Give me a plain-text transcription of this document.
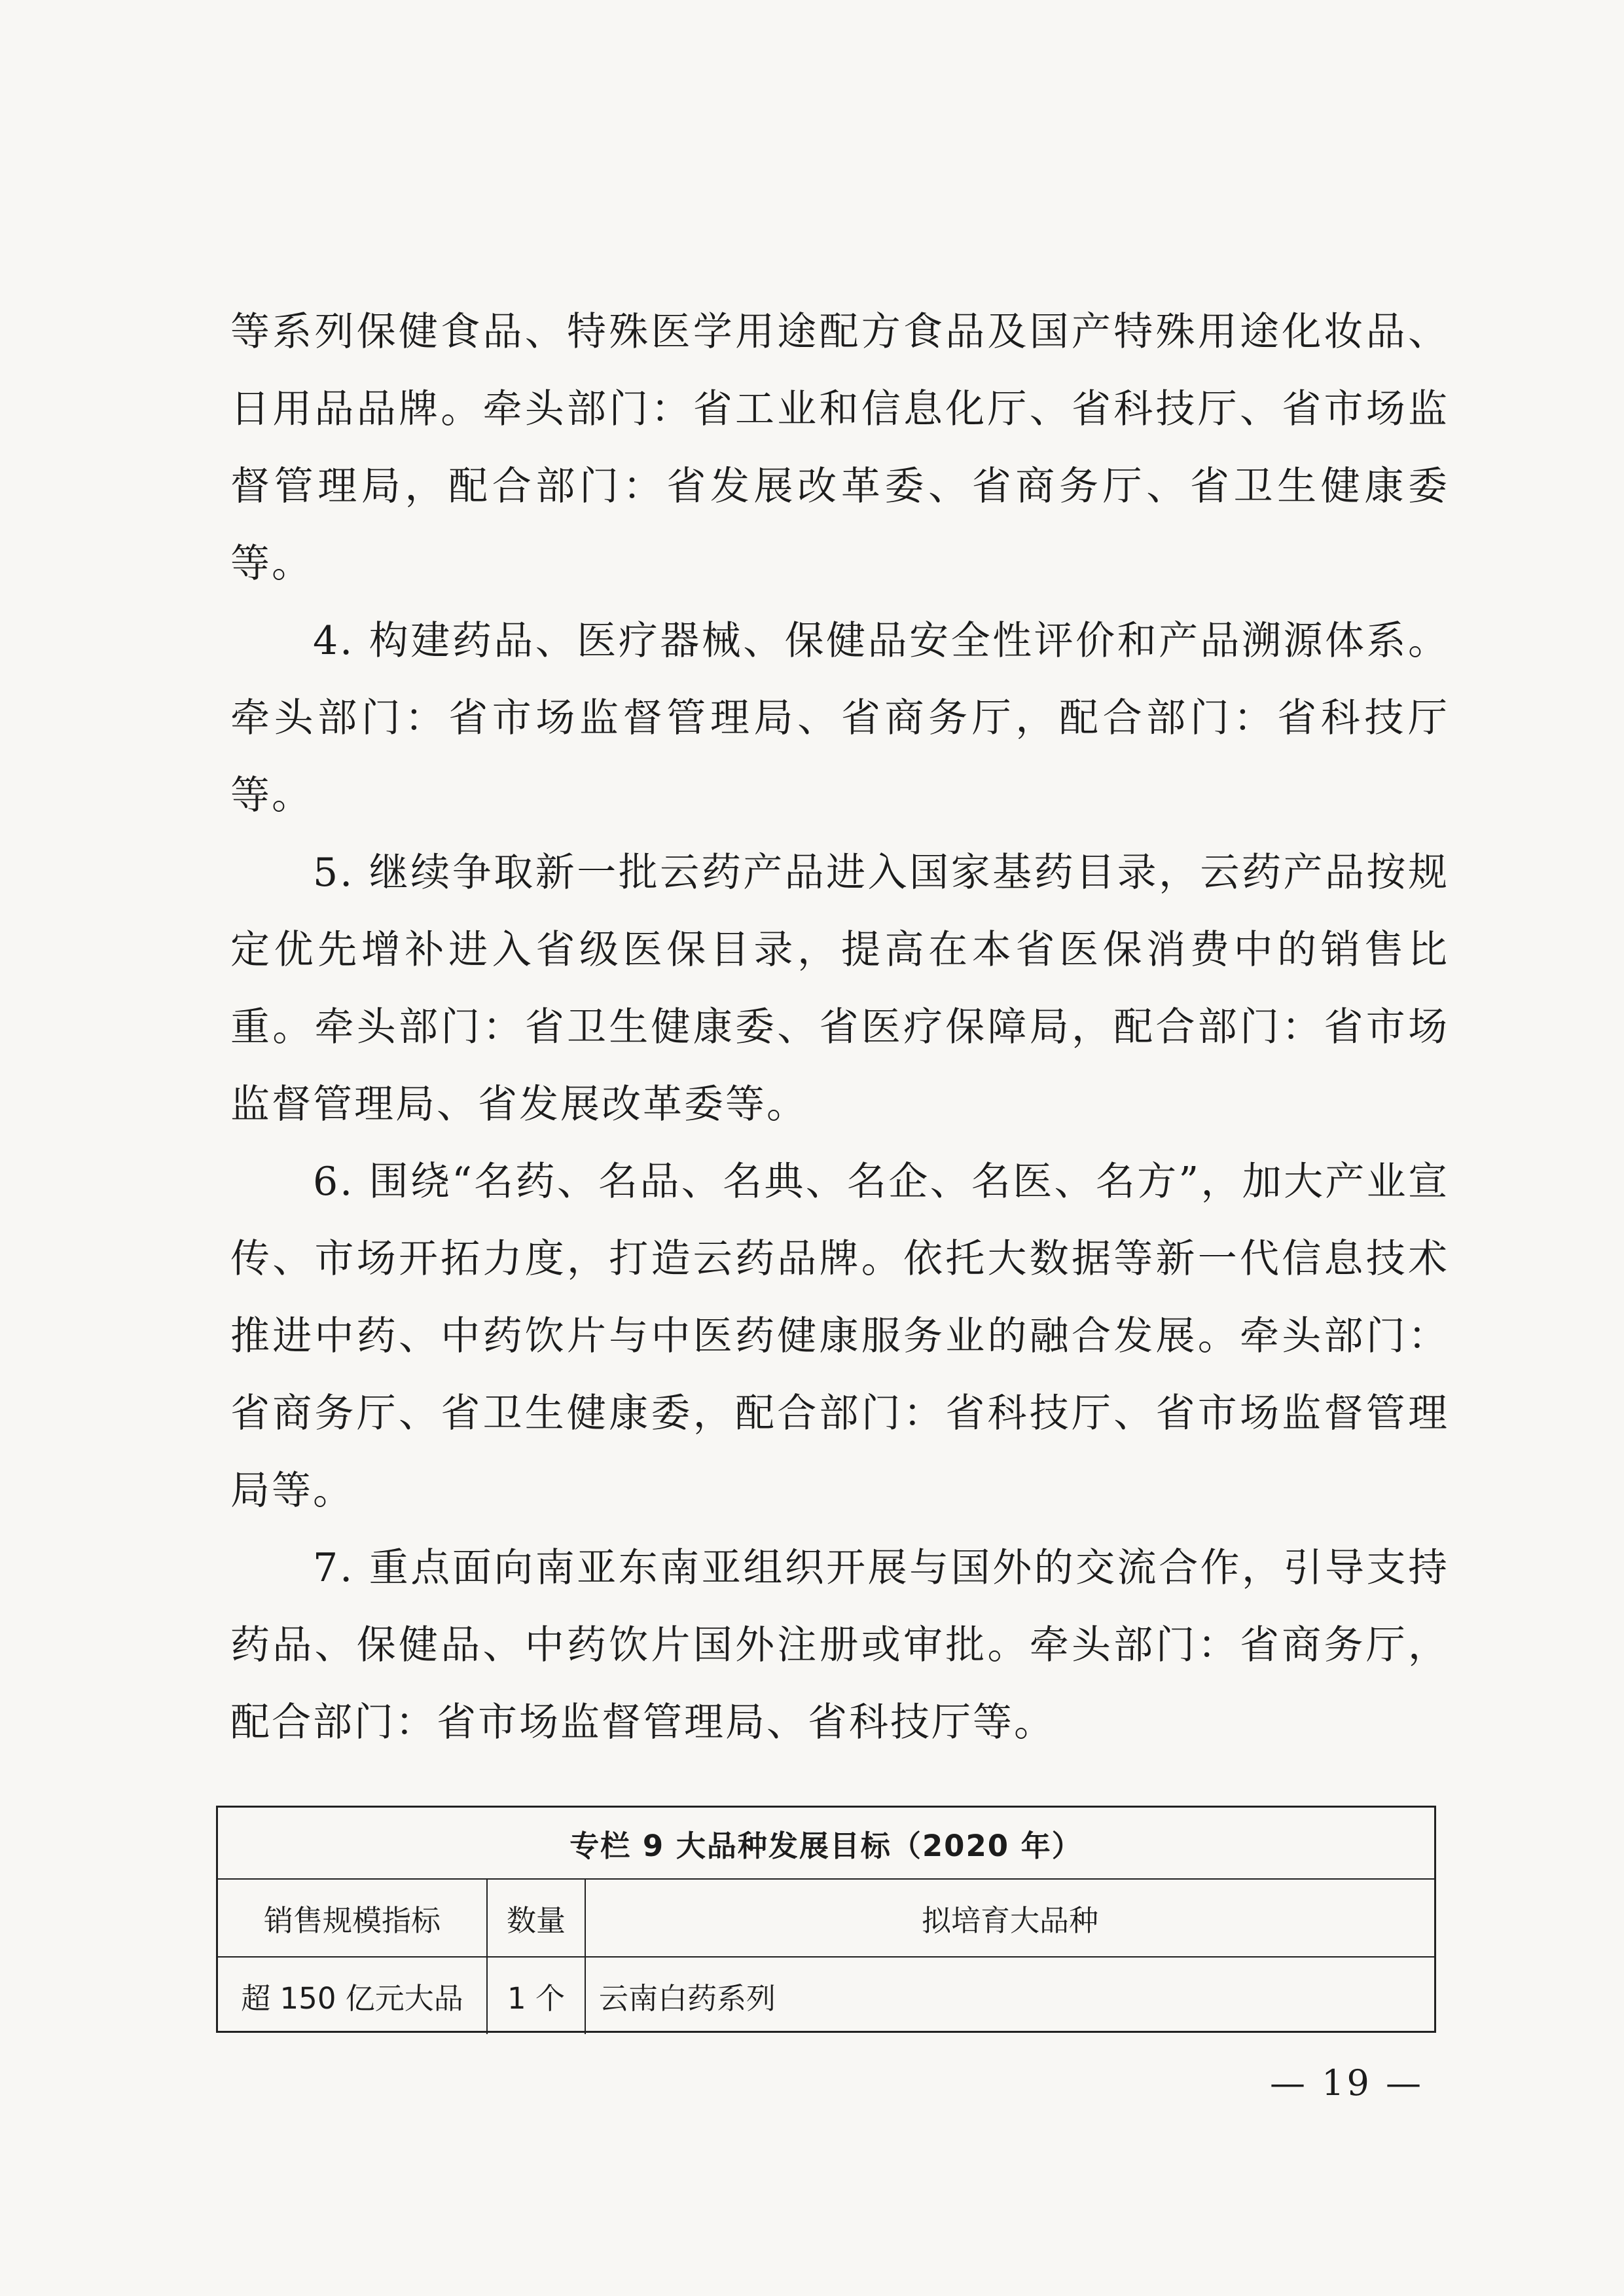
等系列保健食品、特殊医学用途配方食品及国产特殊用途化妆品、日用品品牌。牵头部门：省工业和信息化厅、省科技厅、省市场监督管理局，配合部门：省发展改革委、省商务厅、省卫生健康委等。

4. 构建药品、医疗器械、保健品安全性评价和产品溯源体系。牵头部门：省市场监督管理局、省商务厅，配合部门：省科技厅等。

5. 继续争取新一批云药产品进入国家基药目录，云药产品按规定优先增补进入省级医保目录，提高在本省医保消费中的销售比重。牵头部门：省卫生健康委、省医疗保障局，配合部门：省市场监督管理局、省发展改革委等。

6. 围绕“名药、名品、名典、名企、名医、名方”，加大产业宣传、市场开拓力度，打造云药品牌。依托大数据等新一代信息技术推进中药、中药饮片与中医药健康服务业的融合发展。牵头部门：省商务厅、省卫生健康委，配合部门：省科技厅、省市场监督管理局等。

7. 重点面向南亚东南亚组织开展与国外的交流合作，引导支持药品、保健品、中药饮片国外注册或审批。牵头部门：省商务厅，配合部门：省市场监督管理局、省科技厅等。

专栏 9 大品种发展目标（2020 年）
销售规模指标	数量	拟培育大品种
超 150 亿元大品	1 个	云南白药系列
— 19 —
